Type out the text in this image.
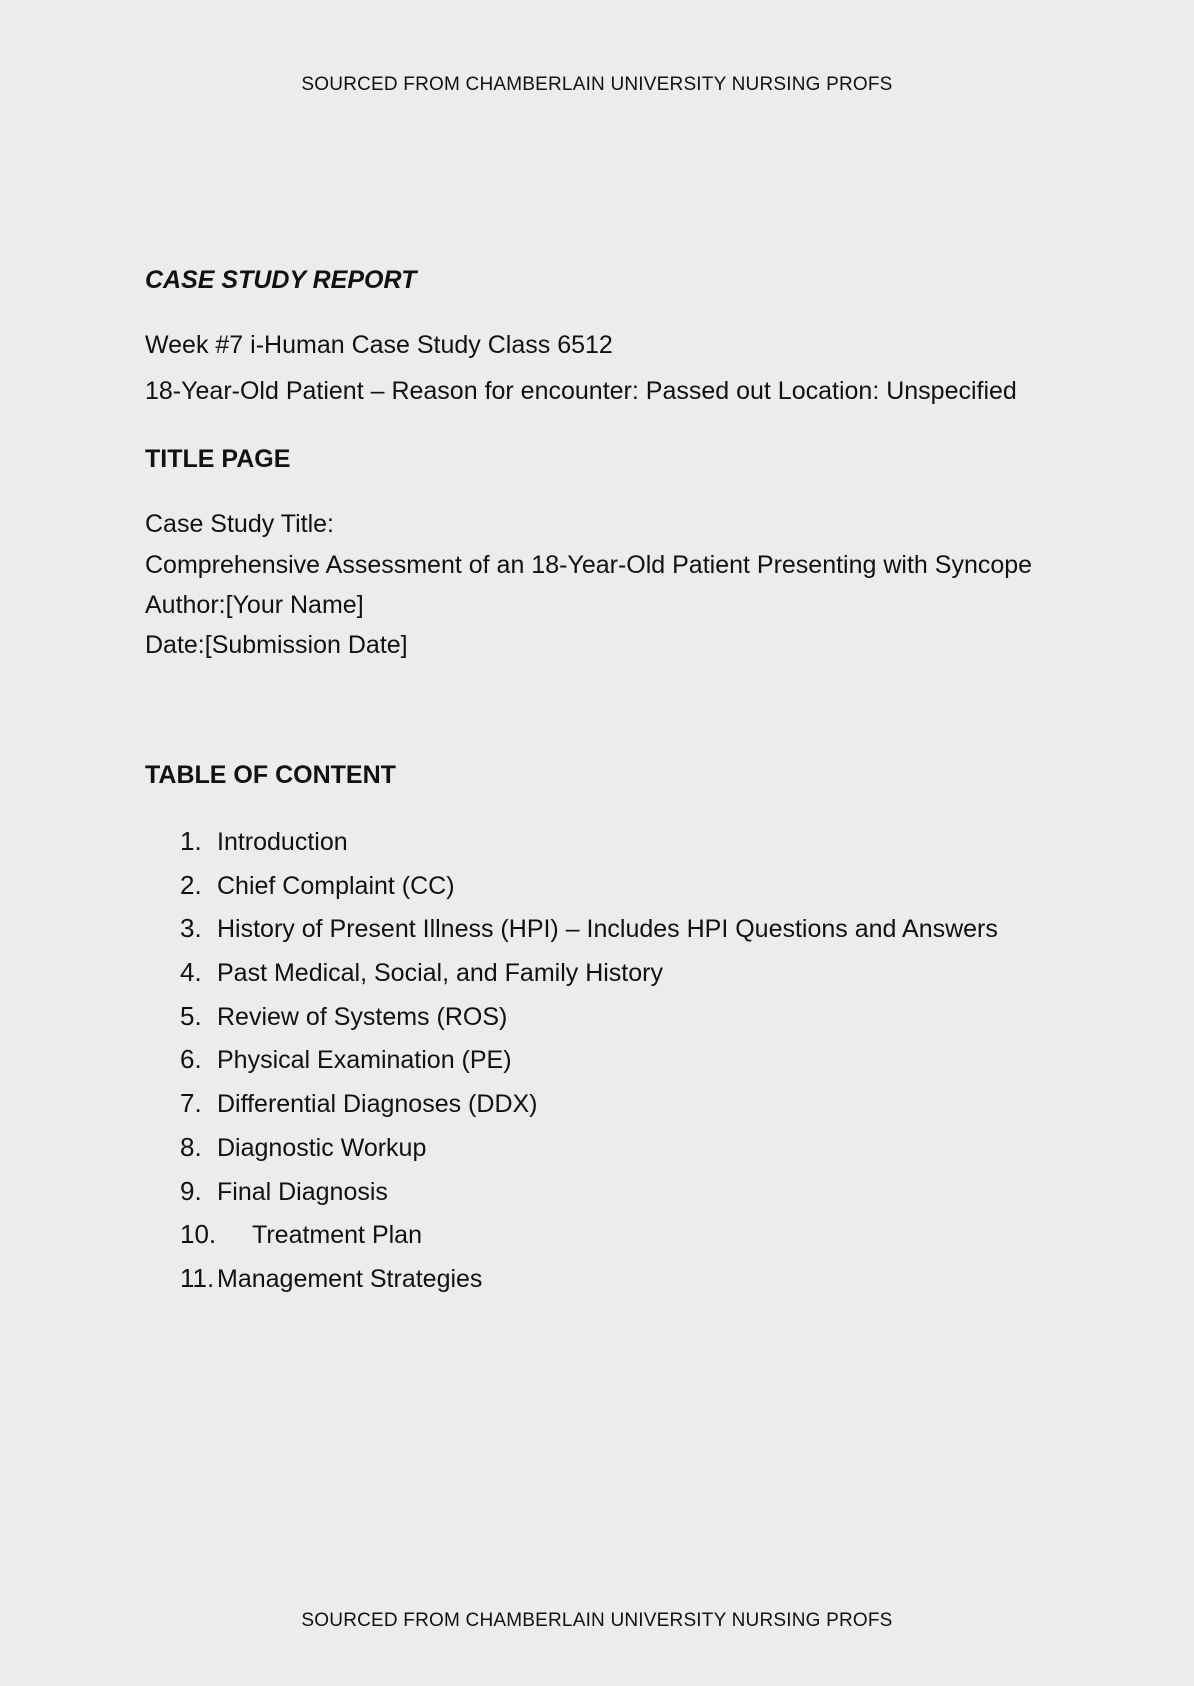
SOURCED FROM CHAMBERLAIN UNIVERSITY NURSING PROFS
CASE STUDY REPORT
Week #7 i-Human Case Study Class 6512
18-Year-Old Patient – Reason for encounter: Passed out Location: Unspecified
TITLE PAGE
Case Study Title:
Comprehensive Assessment of an 18-Year-Old Patient Presenting with Syncope
Author:[Your Name]
Date:[Submission Date]
TABLE OF CONTENT
1. Introduction
2. Chief Complaint (CC)
3. History of Present Illness (HPI) – Includes HPI Questions and Answers
4. Past Medical, Social, and Family History
5. Review of Systems (ROS)
6. Physical Examination (PE)
7. Differential Diagnoses (DDX)
8. Diagnostic Workup
9. Final Diagnosis
10.	Treatment Plan
11. Management Strategies
SOURCED FROM CHAMBERLAIN UNIVERSITY NURSING PROFS
